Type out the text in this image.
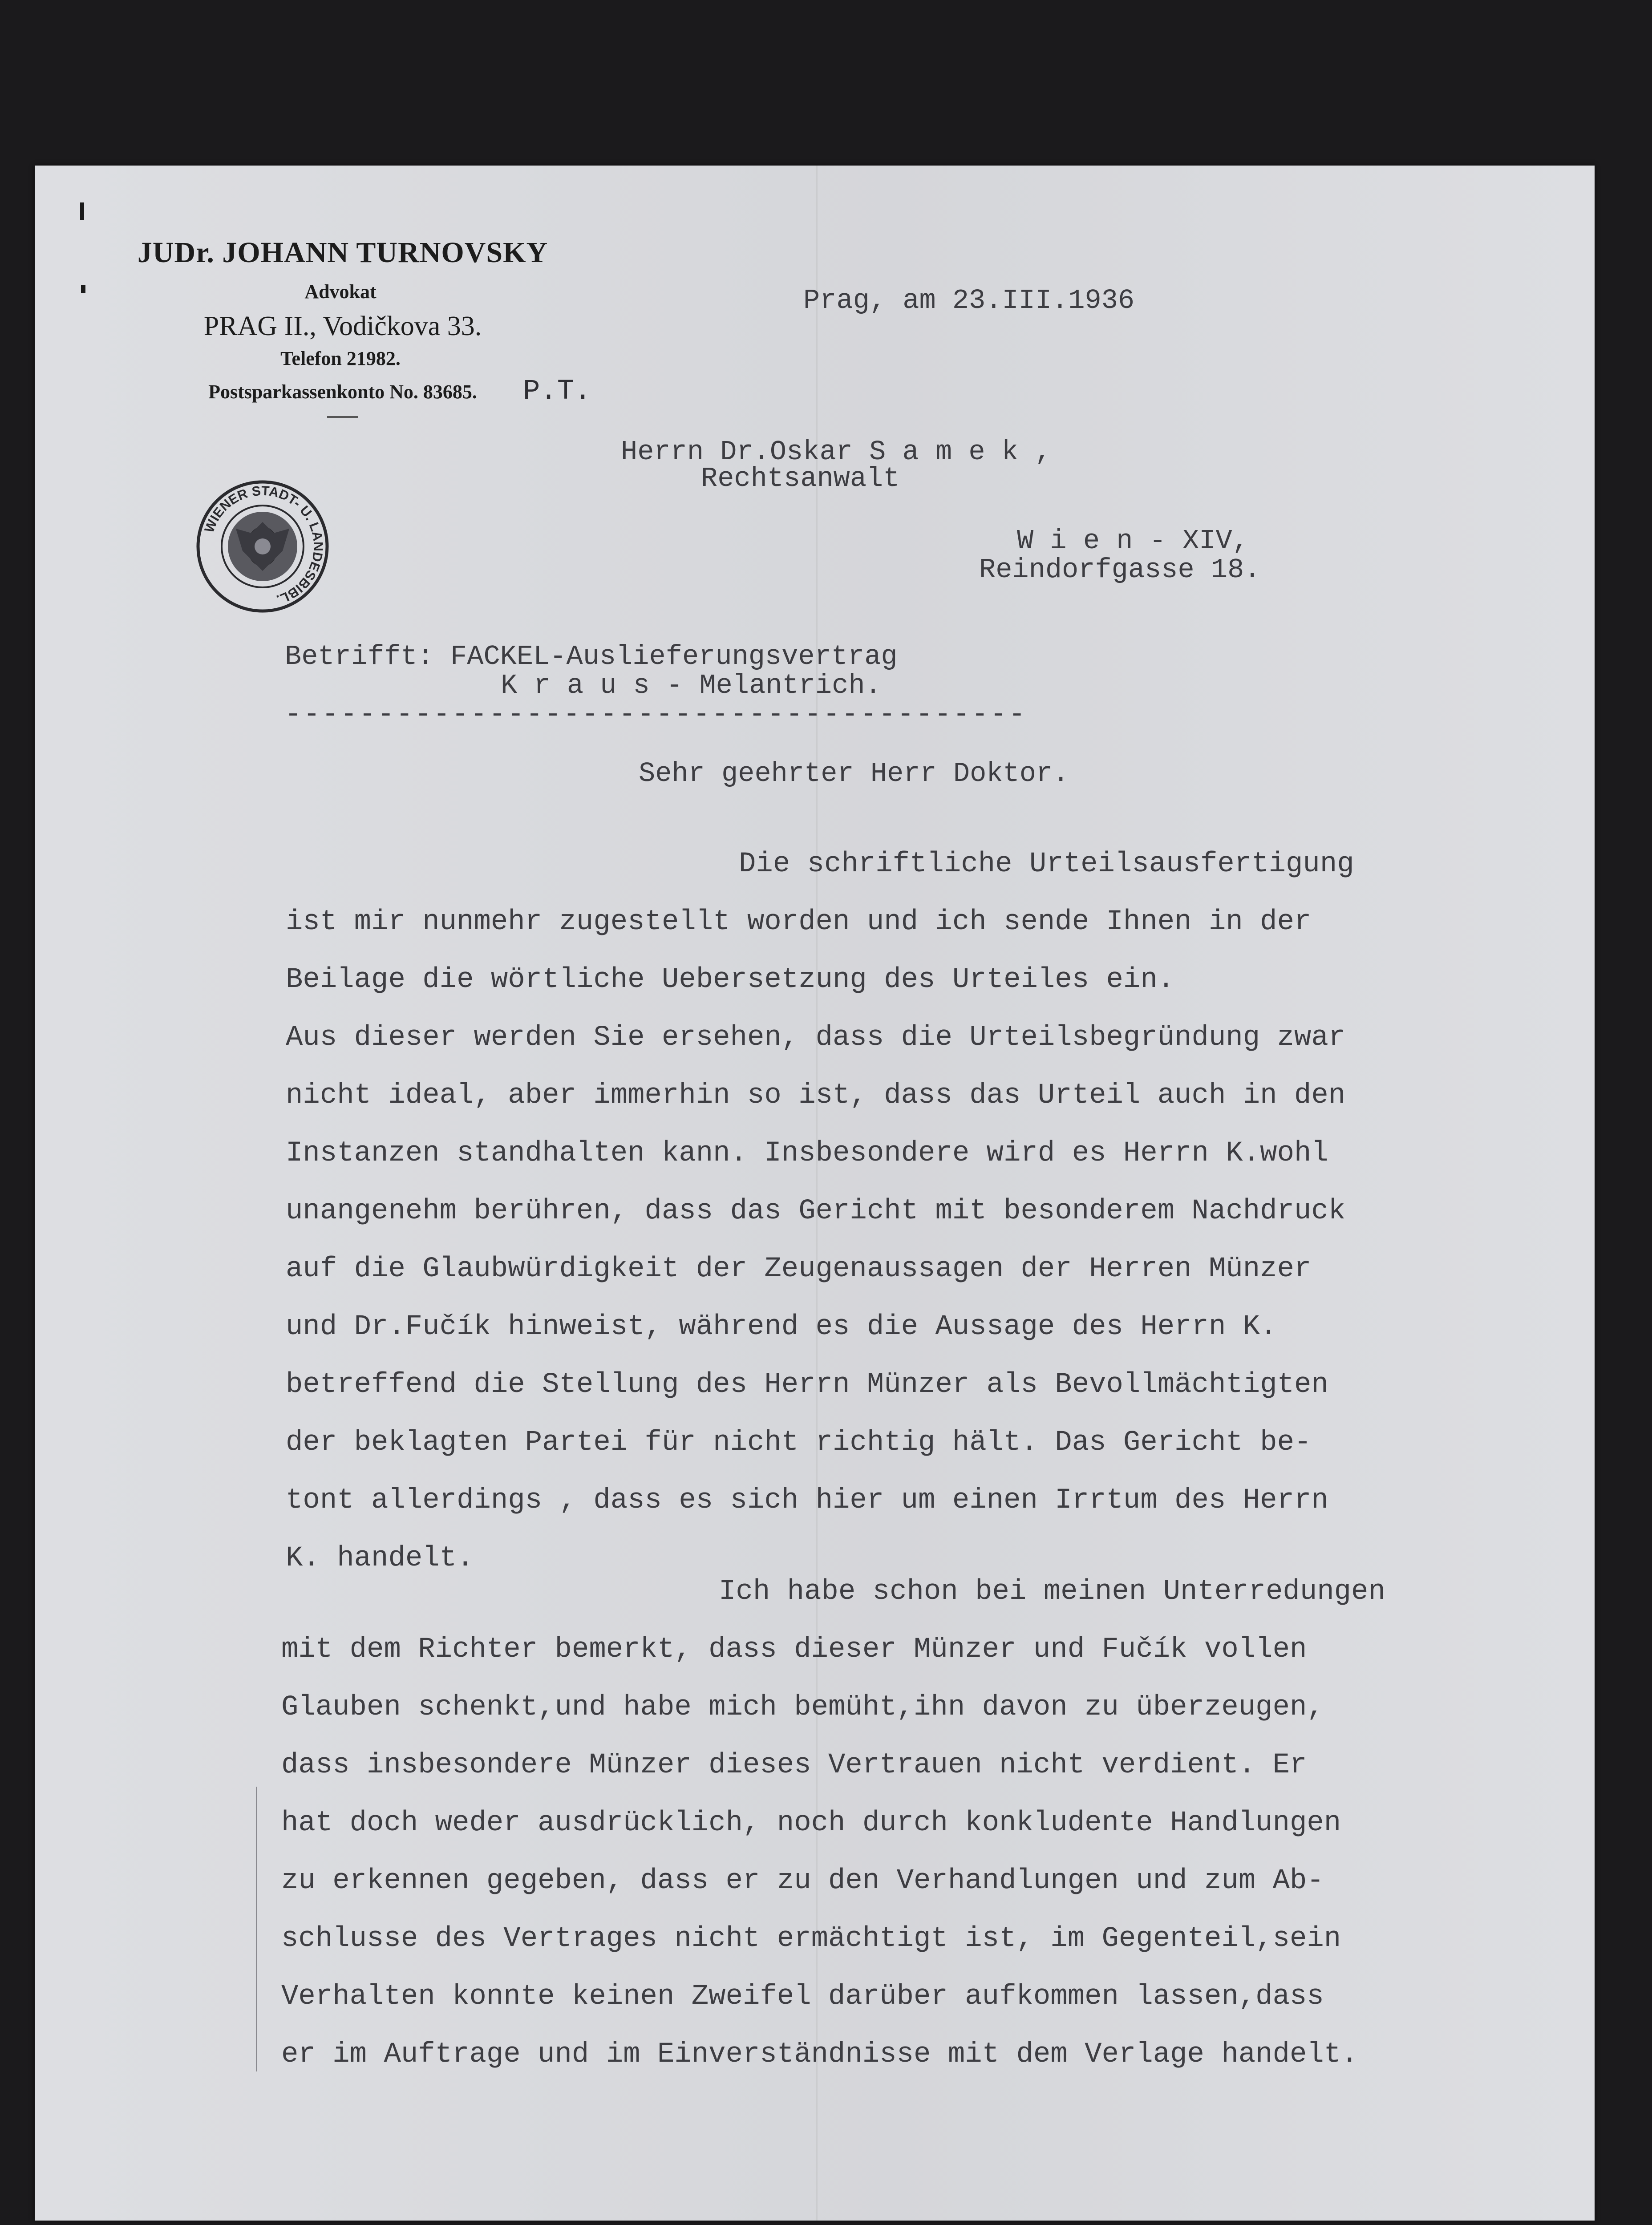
JUDr. JOHANN TURNOVSKY
Advokat
PRAG II., Vodičkova 33.
Telefon 21982.
Postsparkassenkonto No. 83685. P.T.
WIENER STADT- U. LANDESBIBL.
Prag, am 23.III.1936
Herrn Dr.Oskar S a m e k ,
Rechtsanwalt
W i e n - XIV,
Reindorfgasse 18.
Betrifft: FACKEL-Auslieferungsvertrag
K r a u s - Melantrich.
----------------------------------------
Sehr geehrter Herr Doktor.
Die schriftliche Urteilsausfertigung
ist mir nunmehr zugestellt worden und ich sende Ihnen in der
Beilage die wörtliche Uebersetzung des Urteiles ein.
Aus dieser werden Sie ersehen, dass die Urteilsbegründung zwar
nicht ideal, aber immerhin so ist, dass das Urteil auch in den
Instanzen standhalten kann. Insbesondere wird es Herrn K.wohl
unangenehm berühren, dass das Gericht mit besonderem Nachdruck
auf die Glaubwürdigkeit der Zeugenaussagen der Herren Münzer
und Dr.Fučík hinweist, während es die Aussage des Herrn K.
betreffend die Stellung des Herrn Münzer als Bevollmächtigten
der beklagten Partei für nicht richtig hält. Das Gericht be-
tont allerdings , dass es sich hier um einen Irrtum des Herrn
K. handelt.
Ich habe schon bei meinen Unterredungen
mit dem Richter bemerkt, dass dieser Münzer und Fučík vollen
Glauben schenkt,und habe mich bemüht,ihn davon zu überzeugen,
dass insbesondere Münzer dieses Vertrauen nicht verdient. Er
hat doch weder ausdrücklich, noch durch konkludente Handlungen
zu erkennen gegeben, dass er zu den Verhandlungen und zum Ab-
schlusse des Vertrages nicht ermächtigt ist, im Gegenteil,sein
Verhalten konnte keinen Zweifel darüber aufkommen lassen,dass
er im Auftrage und im Einverständnisse mit dem Verlage handelt.
